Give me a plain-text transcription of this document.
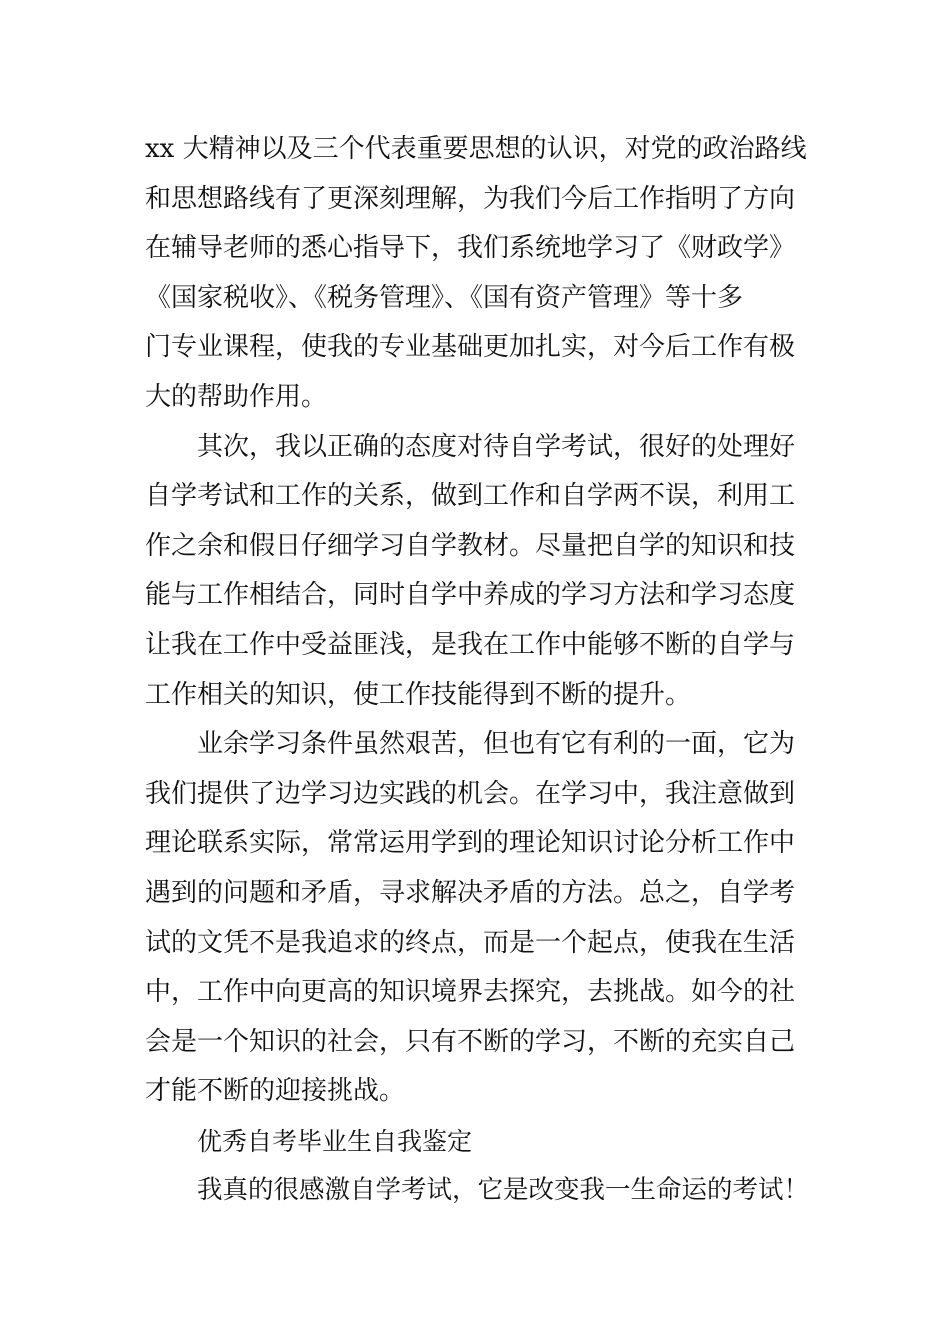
xx 大精神以及三个代表重要思想的认识，对党的政治路线
和思想路线有了更深刻理解，为我们今后工作指明了方向
在辅导老师的悉心指导下，我们系统地学习了《财政学》
《国家税收》、《税务管理》、《国有资产管理》等十多
门专业课程，使我的专业基础更加扎实，对今后工作有极
大的帮助作用。
其次，我以正确的态度对待自学考试，很好的处理好
自学考试和工作的关系，做到工作和自学两不误，利用工
作之余和假日仔细学习自学教材。尽量把自学的知识和技
能与工作相结合，同时自学中养成的学习方法和学习态度
让我在工作中受益匪浅，是我在工作中能够不断的自学与
工作相关的知识，使工作技能得到不断的提升。
业余学习条件虽然艰苦，但也有它有利的一面，它为
我们提供了边学习边实践的机会。在学习中，我注意做到
理论联系实际，常常运用学到的理论知识讨论分析工作中
遇到的问题和矛盾，寻求解决矛盾的方法。总之，自学考
试的文凭不是我追求的终点，而是一个起点，使我在生活
中，工作中向更高的知识境界去探究，去挑战。如今的社
会是一个知识的社会，只有不断的学习，不断的充实自己
才能不断的迎接挑战。
优秀自考毕业生自我鉴定
我真的很感激自学考试，它是改变我一生命运的考试！
